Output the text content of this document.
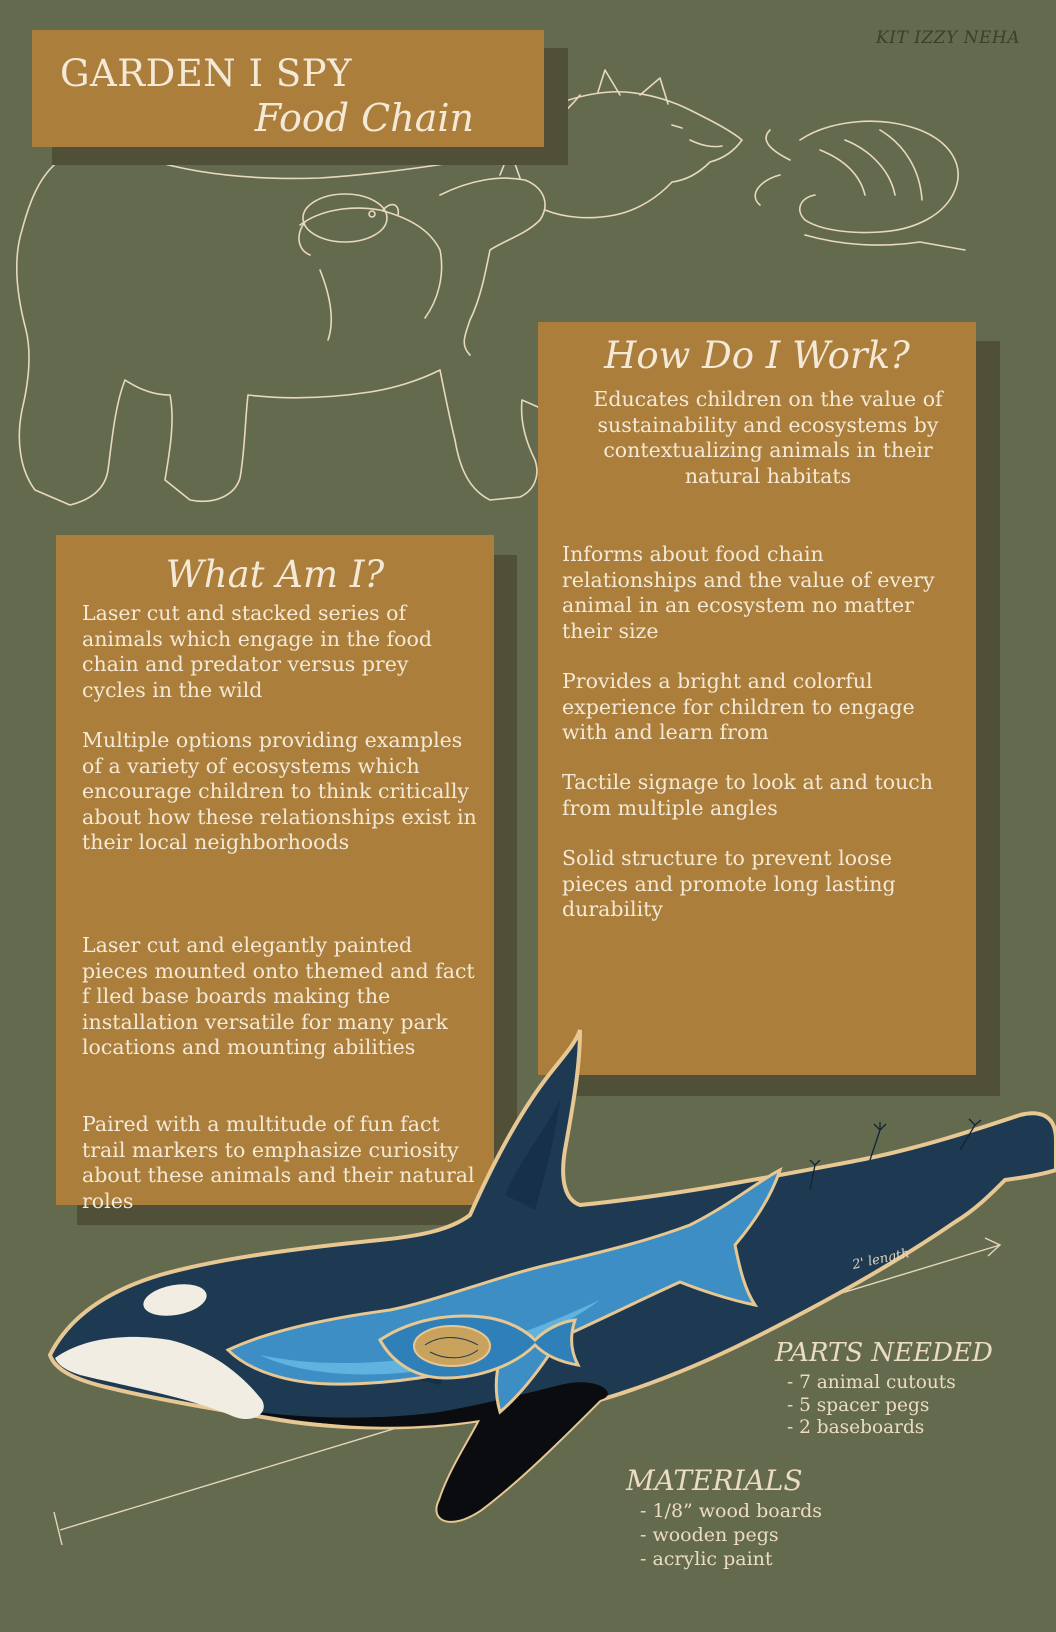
KIT IZZY NEHA
GARDEN I SPY
Food Chain
How Do I Work?

Educates children on the value of sustainability and ecosystems by contextualizing animals in their natural habitats

Informs about food chain relationships and the value of every animal in an ecosystem no matter their size

Provides a bright and colorful experience for children to engage with and learn from

Tactile signage to look at and touch from multiple angles

Solid structure to prevent loose pieces and promote long lasting durability

What Am I?

Laser cut and stacked series of animals which engage in the food chain and predator versus prey cycles in the wild

Multiple options providing examples of a variety of ecosystems which encourage children to think critically about how these relationships exist in their local neighborhoods

Laser cut and elegantly painted pieces mounted onto themed and fact f lled base boards making the installation versatile for many park locations and mounting abilities

Paired with a multitude of fun fact trail markers to emphasize curiosity about these animals and their natural roles

2' length
PARTS NEEDED
- 7 animal cutouts
- 5 spacer pegs
- 2 baseboards
MATERIALS
- 1/8” wood boards
- wooden pegs
- acrylic paint
